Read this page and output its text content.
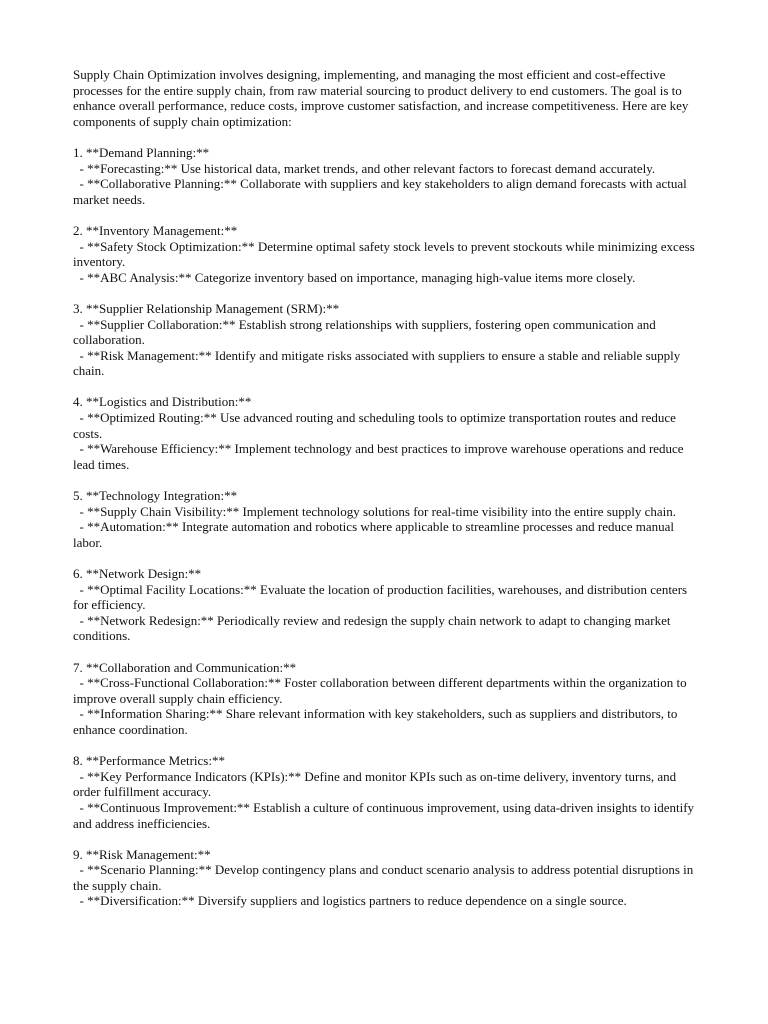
Supply Chain Optimization involves designing, implementing, and managing the most efficient and cost-effective processes for the entire supply chain, from raw material sourcing to product delivery to end customers. The goal is to enhance overall performance, reduce costs, improve customer satisfaction, and increase competitiveness. Here are key components of supply chain optimization:

1. **Demand Planning:**

- **Forecasting:** Use historical data, market trends, and other relevant factors to forecast demand accurately.

- **Collaborative Planning:** Collaborate with suppliers and key stakeholders to align demand forecasts with actual market needs.

2. **Inventory Management:**

- **Safety Stock Optimization:** Determine optimal safety stock levels to prevent stockouts while minimizing excess inventory.

- **ABC Analysis:** Categorize inventory based on importance, managing high-value items more closely.

3. **Supplier Relationship Management (SRM):**

- **Supplier Collaboration:** Establish strong relationships with suppliers, fostering open communication and collaboration.

- **Risk Management:** Identify and mitigate risks associated with suppliers to ensure a stable and reliable supply chain.

4. **Logistics and Distribution:**

- **Optimized Routing:** Use advanced routing and scheduling tools to optimize transportation routes and reduce costs.

- **Warehouse Efficiency:** Implement technology and best practices to improve warehouse operations and reduce lead times.

5. **Technology Integration:**

- **Supply Chain Visibility:** Implement technology solutions for real-time visibility into the entire supply chain.

- **Automation:** Integrate automation and robotics where applicable to streamline processes and reduce manual labor.

6. **Network Design:**

- **Optimal Facility Locations:** Evaluate the location of production facilities, warehouses, and distribution centers for efficiency.

- **Network Redesign:** Periodically review and redesign the supply chain network to adapt to changing market conditions.

7. **Collaboration and Communication:**

- **Cross-Functional Collaboration:** Foster collaboration between different departments within the organization to improve overall supply chain efficiency.

- **Information Sharing:** Share relevant information with key stakeholders, such as suppliers and distributors, to enhance coordination.

8. **Performance Metrics:**

- **Key Performance Indicators (KPIs):** Define and monitor KPIs such as on-time delivery, inventory turns, and order fulfillment accuracy.

- **Continuous Improvement:** Establish a culture of continuous improvement, using data-driven insights to identify and address inefficiencies.

9. **Risk Management:**

- **Scenario Planning:** Develop contingency plans and conduct scenario analysis to address potential disruptions in the supply chain.

- **Diversification:** Diversify suppliers and logistics partners to reduce dependence on a single source.
